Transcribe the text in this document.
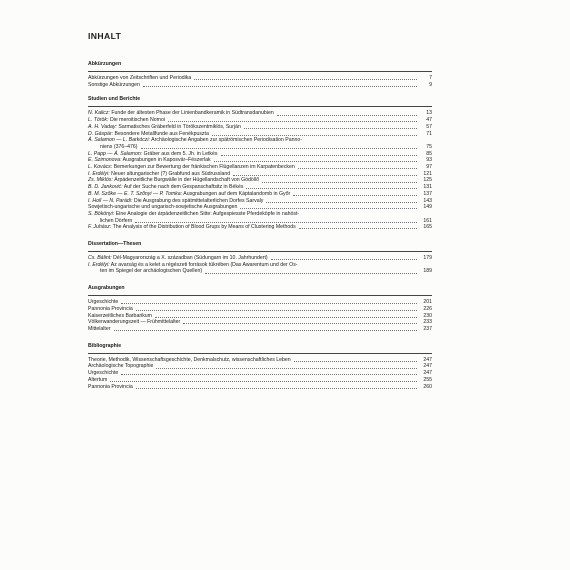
INHALT
Abkürzungen
Abkürzungen von Zeitschriften und Periodika	7
Sonstige Abkürzungen	9
Studien und Berichte
N. Kalicz: Funde der ältesten Phase der Linienbandkeramik in Südtransdanubien	13
L. Török: Die meroitischen Nomoi	47
A. H. Vaday: Sarmatisches Gräberfeld in Törökszentmiklós, Surján	57
D. Gáspár: Besondere Metallfunde aus Fenékpuszta	71
Á. Salamon — L. Barkóczi: Archäologische Angaben zur spätrömischen Periodisation Panno-
niens (376–476)	75
L. Papp — Á. Salamon: Gräber aus dem 5. Jh. in Letkés	85
E. Szimonova: Ausgrabungen in Kaposvár–Fészerlak	93
L. Kovács: Bemerkungen zur Bewertung der fränkischen Flügellanzen im Karpatenbecken	97
I. Erdélyi: Neuer altungarischer (?) Grabfund aus Südrussland	121
Zs. Miklós: Árpádenzeitliche Burgwälle in der Hügellandschaft von Gödöllő	125
B. D. Janković: Auf der Suche nach dem Gespanschaftsitz in Békés	131
B. M. Szőke — E. T. Szőnyi — P. Tomka: Ausgrabungen auf dem Káptalandomb in Győr	137
I. Holl — N. Parádi: Die Ausgrabung des spätmittelalterlichen Dorfes Sarvaly	143
Sowjetisch-ungarische und ungarisch-sowjetische Ausgrabungen	149
S. Bökönyi: Eine Analogie der árpádenzeitlichen Sitte: Aufgespiesste Pferdeköpfe in nahöst-
lichen Dörfern	161
F. Juhász: The Analysis of the Distribution of Blood Grups by Means of Clustering Methods	165
Dissertation—Thesen
Cs. Bálint: Dél-Magyarország a X. században (Südungarn im 10. Jahrhundert)	179
I. Erdélyi: Az avarság és a kelet a régészeti források tükrében (Das Awarentum und der Os-
ten im Spiegel der archäologischen Quellen)	189
Ausgrabungen
Urgeschichte	201
Pannonia Provincia	226
Kaiserzeitliches Barbarikum	230
Völkerwanderungszeit — Frühmittelalter	233
Mittelalter	237
Bibliographie
Theorie, Methodik, Wissenschaftsgeschichte, Denkmalschutz, wissenschaftliches Leben	247
Archäologische Topographie	247
Urgeschichte	247
Altertum	255
Pannonia Provincia	260
